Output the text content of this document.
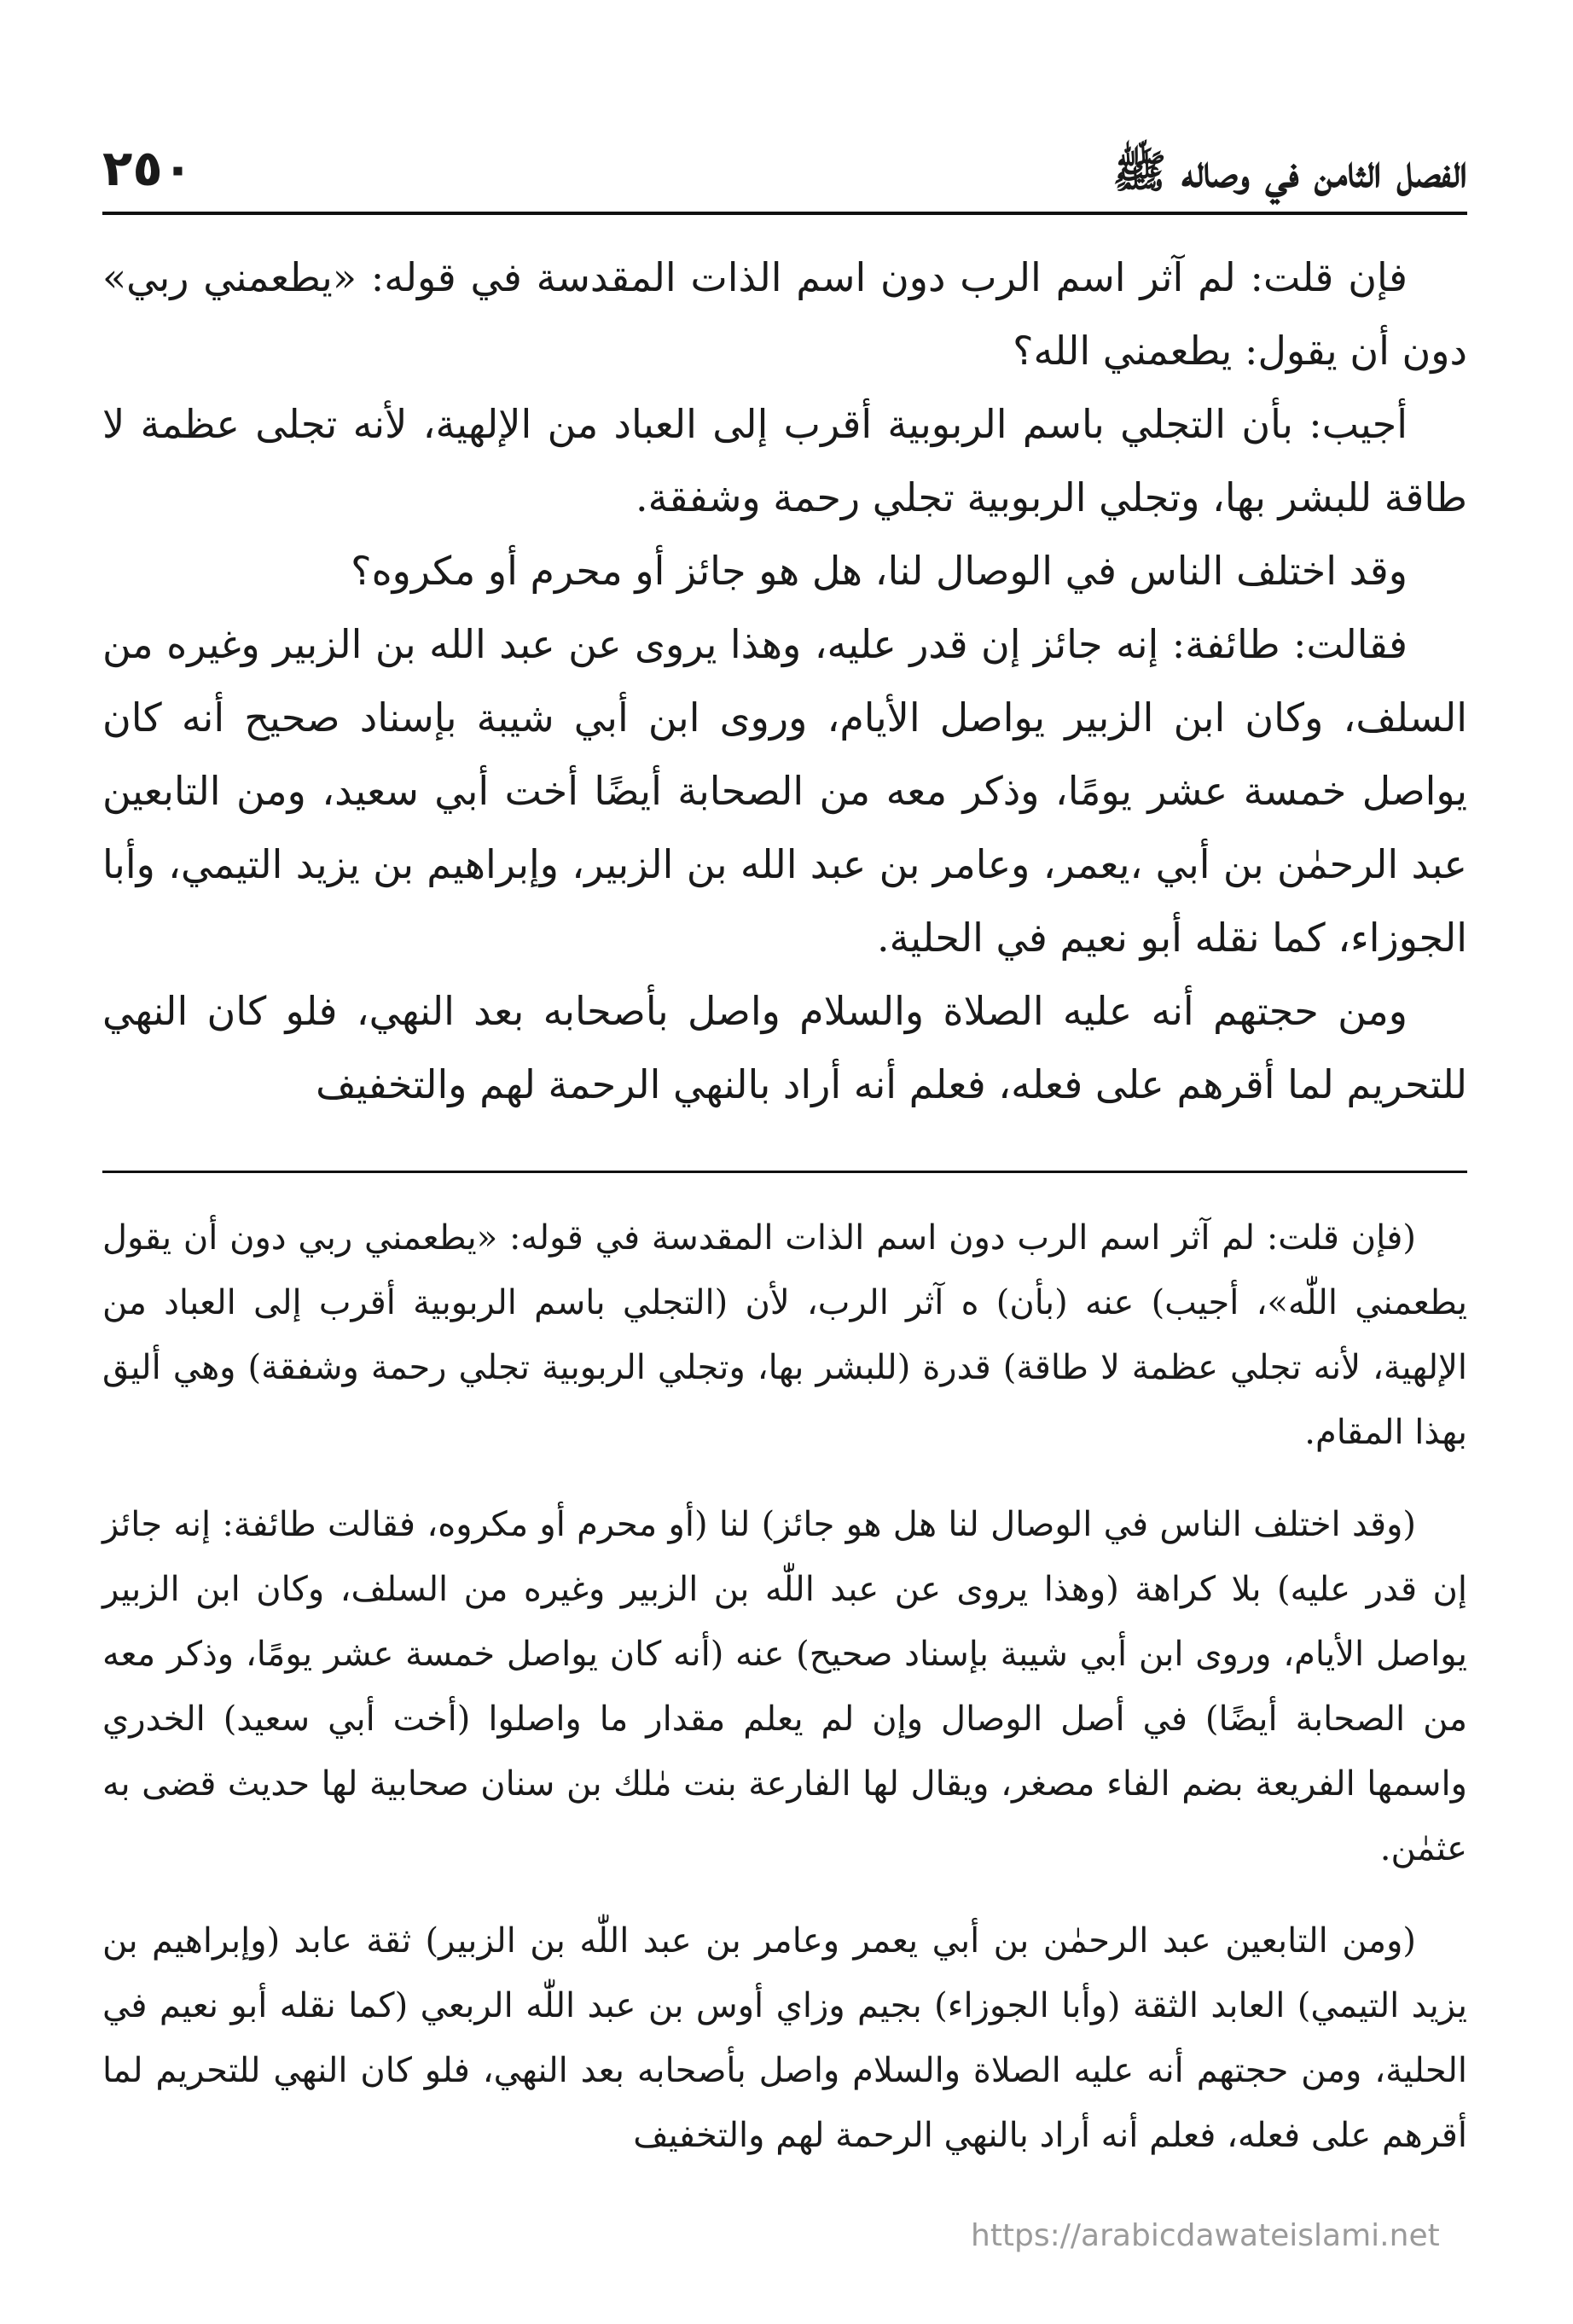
الفصل الثامن في وصاله ﷺ
٢٥٠

فإن قلت: لم آثر اسم الرب دون اسم الذات المقدسة في قوله: «يطعمني ربي» دون أن يقول: يطعمني الله؟

أجيب: بأن التجلي باسم الربوبية أقرب إلى العباد من الإلهية، لأنه تجلى عظمة لا طاقة للبشر بها، وتجلي الربوبية تجلي رحمة وشفقة.

وقد اختلف الناس في الوصال لنا، هل هو جائز أو محرم أو مكروه؟

فقالت: طائفة: إنه جائز إن قدر عليه، وهذا يروى عن عبد الله بن الزبير وغيره من السلف، وكان ابن الزبير يواصل الأيام، وروى ابن أبي شيبة بإسناد صحيح أنه كان يواصل خمسة عشر يومًا، وذكر معه من الصحابة أيضًا أخت أبي سعيد، ومن التابعين عبد الرحمٰن بن أبي ،يعمر، وعامر بن عبد الله بن الزبير، وإبراهيم بن يزيد التيمي، وأبا الجوزاء، كما نقله أبو نعيم في الحلية.

ومن حجتهم أنه عليه الصلاة والسلام واصل بأصحابه بعد النهي، فلو كان النهي للتحريم لما أقرهم على فعله، فعلم أنه أراد بالنهي الرحمة لهم والتخفيف

(فإن قلت: لم آثر اسم الرب دون اسم الذات المقدسة في قوله: «يطعمني ربي دون أن يقول يطعمني اللّٰه»، أجيب) عنه (بأن) ه آثر الرب، لأن (التجلي باسم الربوبية أقرب إلى العباد من الإلهية، لأنه تجلي عظمة لا طاقة) قدرة (للبشر بها، وتجلي الربوبية تجلي رحمة وشفقة) وهي أليق بهذا المقام.

(وقد اختلف الناس في الوصال لنا هل هو جائز) لنا (أو محرم أو مكروه، فقالت طائفة: إنه جائز إن قدر عليه) بلا كراهة (وهذا يروى عن عبد اللّٰه بن الزبير وغيره من السلف، وكان ابن الزبير يواصل الأيام، وروى ابن أبي شيبة بإسناد صحيح) عنه (أنه كان يواصل خمسة عشر يومًا، وذكر معه من الصحابة أيضًا) في أصل الوصال وإن لم يعلم مقدار ما واصلوا (أخت أبي سعيد) الخدري واسمها الفريعة بضم الفاء مصغر، ويقال لها الفارعة بنت مٰلك بن سنان صحابية لها حديث قضى به عثمٰن.

(ومن التابعين عبد الرحمٰن بن أبي يعمر وعامر بن عبد اللّٰه بن الزبير) ثقة عابد (وإبراهيم بن يزيد التيمي) العابد الثقة (وأبا الجوزاء) بجيم وزاي أوس بن عبد اللّٰه الربعي (كما نقله أبو نعيم في الحلية، ومن حجتهم أنه عليه الصلاة والسلام واصل بأصحابه بعد النهي، فلو كان النهي للتحريم لما أقرهم على فعله، فعلم أنه أراد بالنهي الرحمة لهم والتخفيف

https://arabicdawateislami.net
